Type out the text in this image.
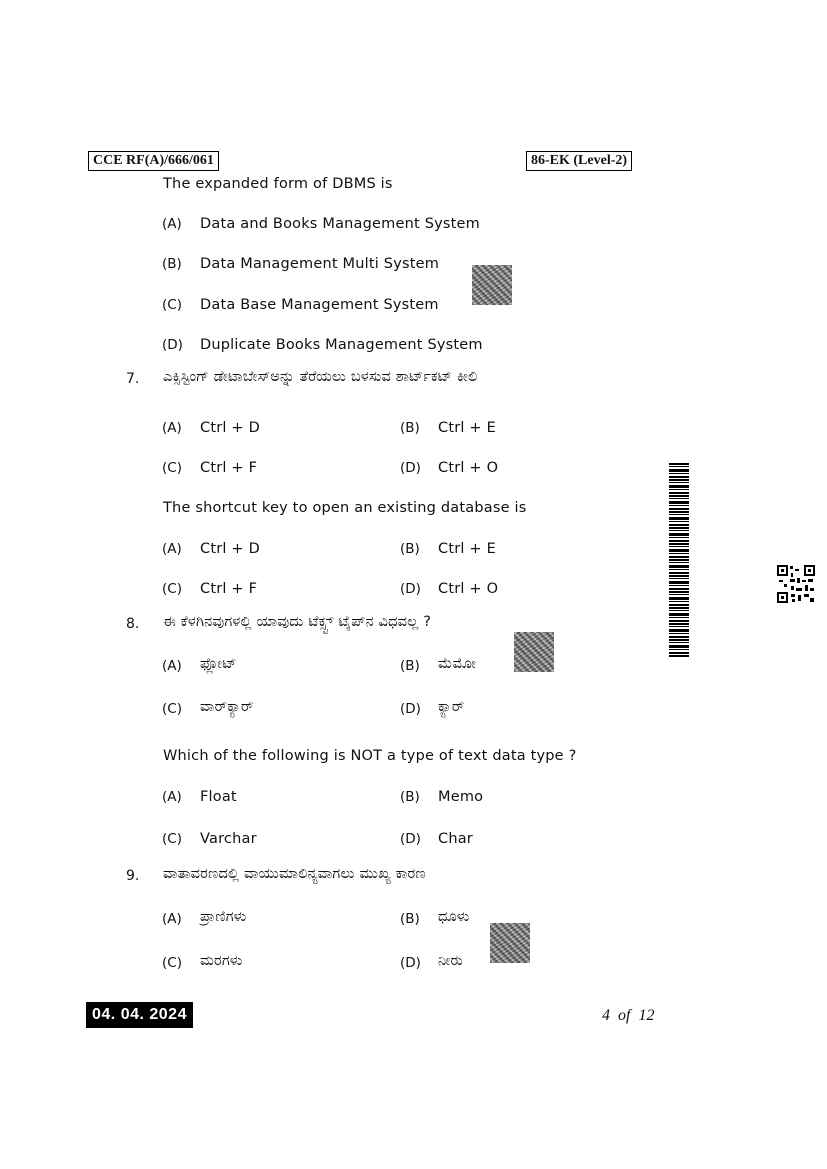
CCE RF(A)/666/061	86-EK (Level-2)
The expanded form of DBMS is
(A) Data and Books Management System
(B) Data Management Multi System
(C) Data Base Management System
(D) Duplicate Books Management System
7. ಎಕ್ಸಿಸ್ಟಿಂಗ್ ಡೇಟಾಬೇಸ್‌ಅನ್ನು ತೆರೆಯಲು ಬಳಸುವ ಶಾರ್ಟ್‌ಕಟ್ ಕೀಲಿ
(A) Ctrl + D	(B) Ctrl + E
(C) Ctrl + F	(D) Ctrl + O
The shortcut key to open an existing database is
(A) Ctrl + D	(B) Ctrl + E
(C) Ctrl + F	(D) Ctrl + O
8. ಈ ಕೆಳಗಿನವುಗಳಲ್ಲಿ ಯಾವುದು ಟೆಕ್ಸ್ಟ್ ಟೈಪ್‌ನ ವಿಧವಲ್ಲ ?
(A) ಫ್ಲೋಟ್	(B) ಮೆಮೋ
(C) ವಾರ್‌ಕ್ಯಾರ್	(D) ಕ್ಯಾರ್
Which of the following is NOT a type of text data type ?
(A) Float	(B) Memo
(C) Varchar	(D) Char
9. ವಾತಾವರಣದಲ್ಲಿ ವಾಯುಮಾಲಿನ್ಯವಾಗಲು ಮುಖ್ಯ ಕಾರಣ
(A) ಪ್ರಾಣಿಗಳು	(B) ಧೂಳು
(C) ಮರಗಳು	(D) ನೀರು
04. 04. 2024	4  of  12
